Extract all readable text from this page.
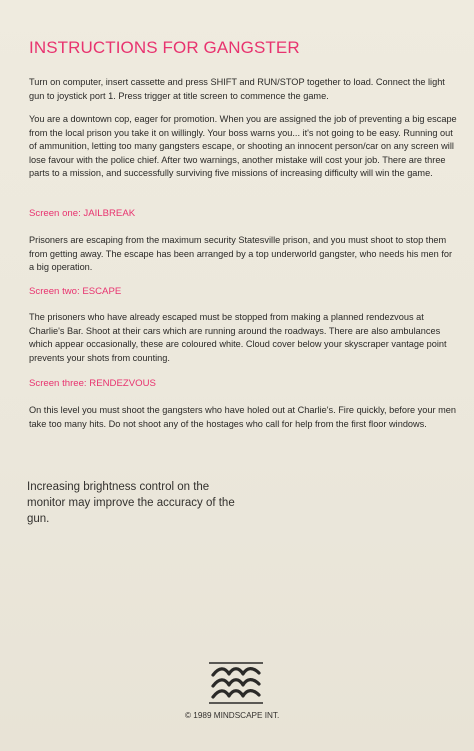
INSTRUCTIONS FOR GANGSTER

Turn on computer, insert cassette and press SHIFT and RUN/STOP together to load. Connect the light gun to joystick port 1. Press trigger at title screen to commence the game.

You are a downtown cop, eager for promotion. When you are assigned the job of preventing a big escape from the local prison you take it on willingly. Your boss warns you... it's not going to be easy. Running out of ammunition, letting too many gangsters escape, or shooting an innocent person/car on any screen will lose favour with the police chief. After two warnings, another mistake will cost your job. There are three parts to a mission, and successfully surviving five missions of increasing difficulty will win the game.

Screen one: JAILBREAK

Prisoners are escaping from the maximum security Statesville prison, and you must shoot to stop them from getting away. The escape has been arranged by a top underworld gangster, who needs his men for a big operation.

Screen two: ESCAPE

The prisoners who have already escaped must be stopped from making a planned rendezvous at Charlie's Bar. Shoot at their cars which are running around the roadways. There are also ambulances which appear occasionally, these are coloured white. Cloud cover below your skyscraper vantage point prevents your shots from counting.

Screen three: RENDEZVOUS

On this level you must shoot the gangsters who have holed out at Charlie's. Fire quickly, before your men take too many hits. Do not shoot any of the hostages who call for help from the first floor windows.

Increasing brightness control on the monitor may improve the accuracy of the gun.
© 1989 MINDSCAPE INT.
